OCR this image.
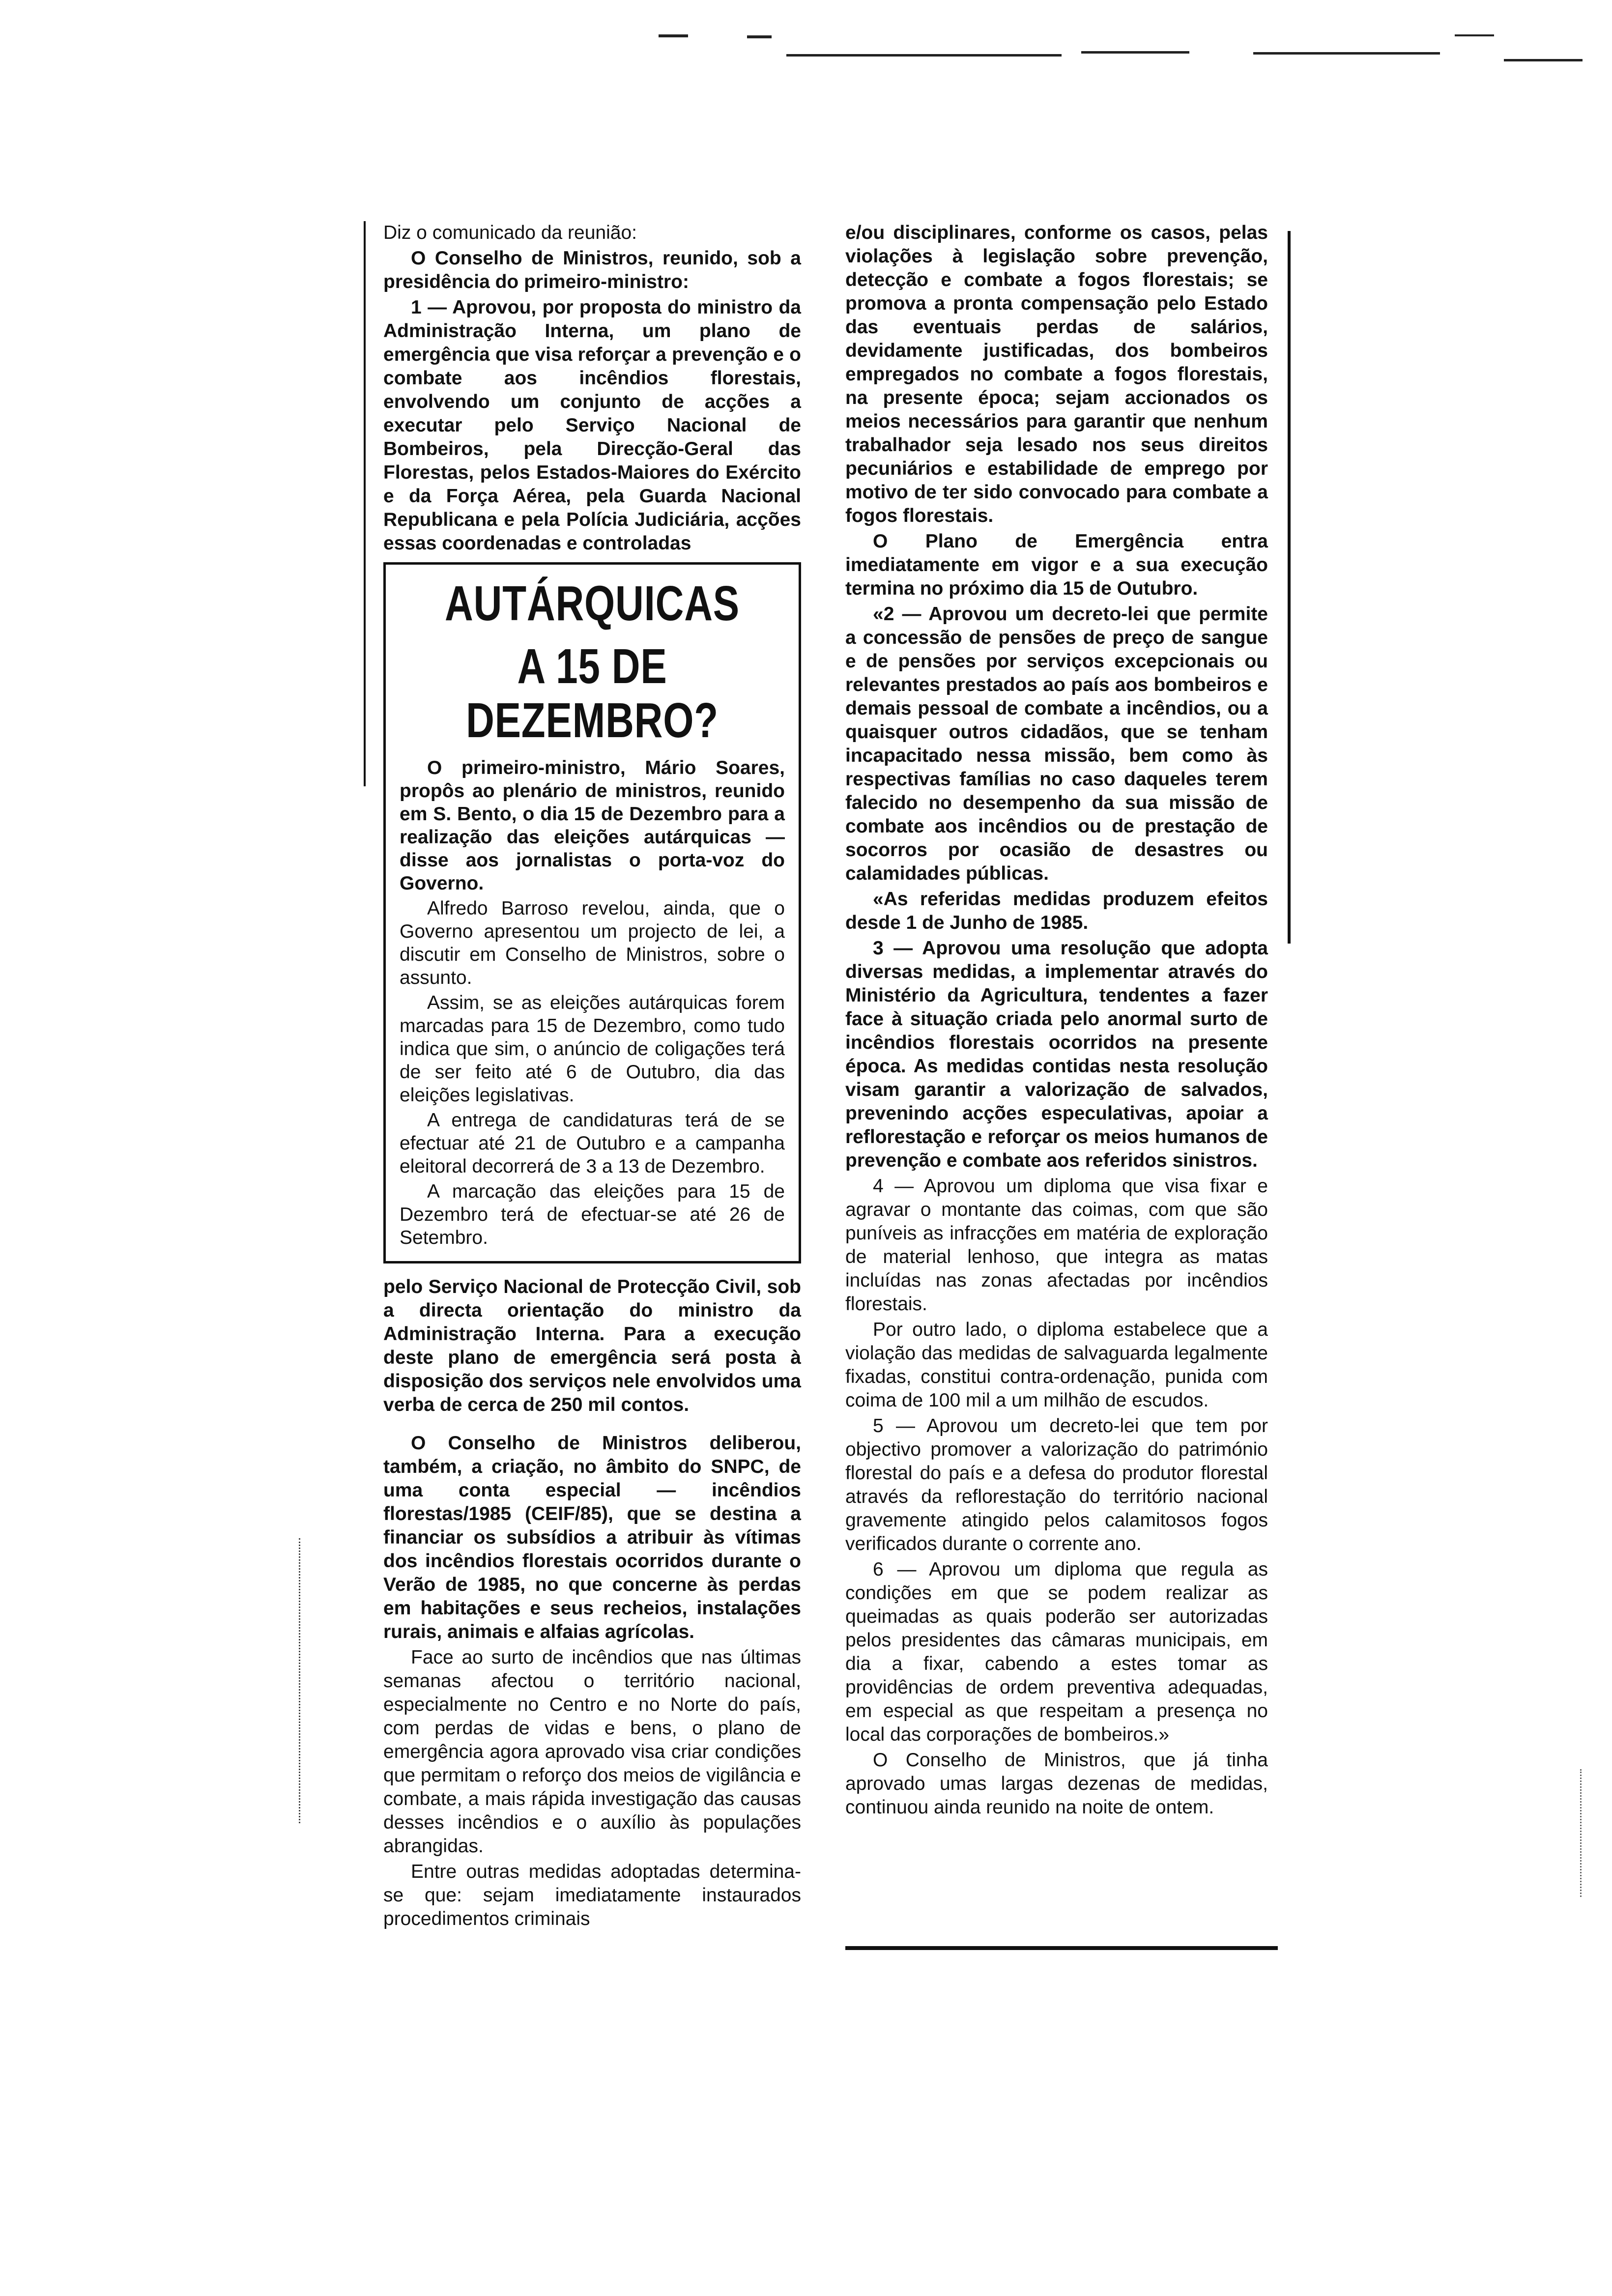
Diz o comunicado da reunião:

O Conselho de Ministros, reunido, sob a presidência do primeiro-ministro:

1 — Aprovou, por proposta do ministro da Administração Interna, um plano de emergência que visa reforçar a prevenção e o combate aos incêndios florestais, envolvendo um conjunto de acções a executar pelo Serviço Nacional de Bombeiros, pela Direcção-Geral das Florestas, pelos Estados-Maiores do Exército e da Força Aérea, pela Guarda Nacional Republicana e pela Polícia Judiciária, acções essas coordenadas e controladas

AUTÁRQUICAS
A 15 DE DEZEMBRO?

O primeiro-ministro, Mário Soares, propôs ao plenário de ministros, reunido em S. Bento, o dia 15 de Dezembro para a realização das eleições autárquicas — disse aos jornalistas o porta-voz do Governo.

Alfredo Barroso revelou, ainda, que o Governo apresentou um projecto de lei, a discutir em Conselho de Ministros, sobre o assunto.

Assim, se as eleições autárquicas forem marcadas para 15 de Dezembro, como tudo indica que sim, o anúncio de coligações terá de ser feito até 6 de Outubro, dia das eleições legislativas.

A entrega de candidaturas terá de se efectuar até 21 de Outubro e a campanha eleitoral decorrerá de 3 a 13 de Dezembro.

A marcação das eleições para 15 de Dezembro terá de efectuar-se até 26 de Setembro.

pelo Serviço Nacional de Protecção Civil, sob a directa orientação do ministro da Administração Interna. Para a execução deste plano de emergência será posta à disposição dos serviços nele envolvidos uma verba de cerca de 250 mil contos.

O Conselho de Ministros deliberou, também, a criação, no âmbito do SNPC, de uma conta especial — incêndios florestas/1985 (CEIF/85), que se destina a financiar os subsídios a atribuir às vítimas dos incêndios florestais ocorridos durante o Verão de 1985, no que concerne às perdas em habitações e seus recheios, instalações rurais, animais e alfaias agrícolas.

Face ao surto de incêndios que nas últimas semanas afectou o território nacional, especialmente no Centro e no Norte do país, com perdas de vidas e bens, o plano de emergência agora aprovado visa criar condições que permitam o reforço dos meios de vigilância e combate, a mais rápida investigação das causas desses incêndios e o auxílio às populações abrangidas.

Entre outras medidas adoptadas determina-se que: sejam imediatamente instaurados procedimentos criminais

e/ou disciplinares, conforme os casos, pelas violações à legislação sobre prevenção, detecção e combate a fogos florestais; se promova a pronta compensação pelo Estado das eventuais perdas de salários, devidamente justificadas, dos bombeiros empregados no combate a fogos florestais, na presente época; sejam accionados os meios necessários para garantir que nenhum trabalhador seja lesado nos seus direitos pecuniários e estabilidade de emprego por motivo de ter sido convocado para combate a fogos florestais.

O Plano de Emergência entra imediatamente em vigor e a sua execução termina no próximo dia 15 de Outubro.

«2 — Aprovou um decreto-lei que permite a concessão de pensões de preço de sangue e de pensões por serviços excepcionais ou relevantes prestados ao país aos bombeiros e demais pessoal de combate a incêndios, ou a quaisquer outros cidadãos, que se tenham incapacitado nessa missão, bem como às respectivas famílias no caso daqueles terem falecido no desempenho da sua missão de combate aos incêndios ou de prestação de socorros por ocasião de desastres ou calamidades públicas.

«As referidas medidas produzem efeitos desde 1 de Junho de 1985.

3 — Aprovou uma resolução que adopta diversas medidas, a implementar através do Ministério da Agricultura, tendentes a fazer face à situação criada pelo anormal surto de incêndios florestais ocorridos na presente época. As medidas contidas nesta resolução visam garantir a valorização de salvados, prevenindo acções especulativas, apoiar a reflorestação e reforçar os meios humanos de prevenção e combate aos referidos sinistros.

4 — Aprovou um diploma que visa fixar e agravar o montante das coimas, com que são puníveis as infracções em matéria de exploração de material lenhoso, que integra as matas incluídas nas zonas afectadas por incêndios florestais.

Por outro lado, o diploma estabelece que a violação das medidas de salvaguarda legalmente fixadas, constitui contra-ordenação, punida com coima de 100 mil a um milhão de escudos.

5 — Aprovou um decreto-lei que tem por objectivo promover a valorização do património florestal do país e a defesa do produtor florestal através da reflorestação do território nacional gravemente atingido pelos calamitosos fogos verificados durante o corrente ano.

6 — Aprovou um diploma que regula as condições em que se podem realizar as queimadas as quais poderão ser autorizadas pelos presidentes das câmaras municipais, em dia a fixar, cabendo a estes tomar as providências de ordem preventiva adequadas, em especial as que respeitam a presença no local das corporações de bombeiros.»

O Conselho de Ministros, que já tinha aprovado umas largas dezenas de medidas, continuou ainda reunido na noite de ontem.
